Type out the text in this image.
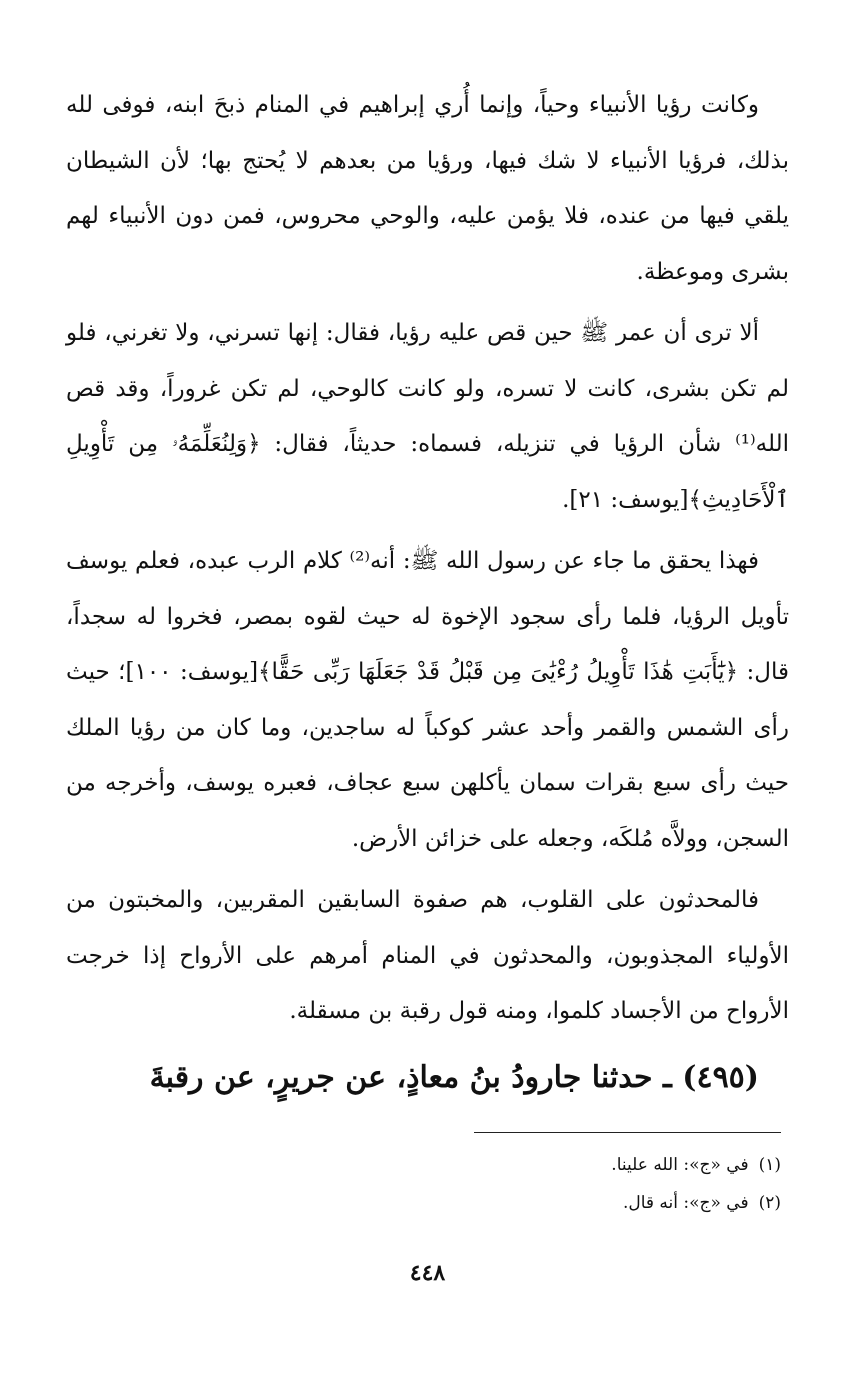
وكانت رؤيا الأنبياء وحياً، وإنما أُري إبراهيم في المنام ذبحَ ابنه، فوفى لله بذلك، فرؤيا الأنبياء لا شك فيها، ورؤيا من بعدهم لا يُحتج بها؛ لأن الشيطان يلقي فيها من عنده، فلا يؤمن عليه، والوحي محروس، فمن دون الأنبياء لهم بشرى وموعظة.

ألا ترى أن عمر ﷺ حين قص عليه رؤيا، فقال: إنها تسرني، ولا تغرني، فلو لم تكن بشرى، كانت لا تسره، ولو كانت كالوحي، لم تكن غروراً، وقد قص الله⁽¹⁾ شأن الرؤيا في تنزيله، فسماه: حديثاً، فقال: ﴿وَلِنُعَلِّمَهُۥ مِن تَأْوِيلِ ٱلْأَحَادِيثِ﴾[يوسف: ٢١].

فهذا يحقق ما جاء عن رسول الله ﷺ: أنه⁽²⁾ كلام الرب عبده، فعلم يوسف تأويل الرؤيا، فلما رأى سجود الإخوة له حيث لقوه بمصر، فخروا له سجداً، قال: ﴿يَٰٓأَبَتِ هَٰذَا تَأْوِيلُ رُءْيَٰىَ مِن قَبْلُ قَدْ جَعَلَهَا رَبِّى حَقًّا﴾[يوسف: ١٠٠]؛ حيث رأى الشمس والقمر وأحد عشر كوكباً له ساجدين، وما كان من رؤيا الملك حيث رأى سبع بقرات سمان يأكلهن سبع عجاف، فعبره يوسف، وأخرجه من السجن، وولاَّه مُلكَه، وجعله على خزائن الأرض.

فالمحدثون على القلوب، هم صفوة السابقين المقربين، والمخبتون من الأولياء المجذوبون، والمحدثون في المنام أمرهم على الأرواح إذا خرجت الأرواح من الأجساد كلموا، ومنه قول رقبة بن مسقلة.

(٤٩٥) ـ حدثنا جارودُ بنُ معاذٍ، عن جريرٍ، عن رقبةَ

(١)في «ج»: الله علينا.
(٢)في «ج»: أنه قال.
٤٤٨
